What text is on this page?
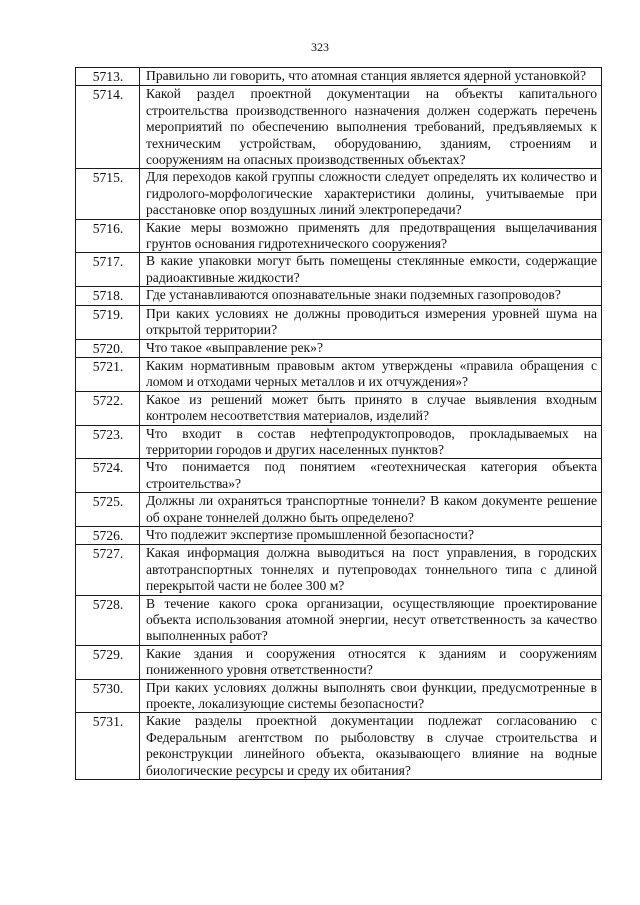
323
5713.	Правильно ли говорить, что атомная станция является ядерной установкой?
5714.	Какой раздел проектной документации на объекты капитального строительства производственного назначения должен содержать перечень мероприятий по обеспечению выполнения требований, предъявляемых к техническим устройствам, оборудованию, зданиям, строениям и сооружениям на опасных производственных объектах?
5715.	Для переходов какой группы сложности следует определять их количество и гидролого-морфологические характеристики долины, учитываемые при расстановке опор воздушных линий электропередачи?
5716.	Какие меры возможно применять для предотвращения выщелачивания грунтов основания гидротехнического сооружения?
5717.	В какие упаковки могут быть помещены стеклянные емкости, содержащие радиоактивные жидкости?
5718.	Где устанавливаются опознавательные знаки подземных газопроводов?
5719.	При каких условиях не должны проводиться измерения уровней шума на открытой территории?
5720.	Что такое «выправление рек»?
5721.	Каким нормативным правовым актом утверждены «правила обращения с ломом и отходами черных металлов и их отчуждения»?
5722.	Какое из решений может быть принято в случае выявления входным контролем несоответствия материалов, изделий?
5723.	Что входит в состав нефтепродуктопроводов, прокладываемых на территории городов и других населенных пунктов?
5724.	Что понимается под понятием «геотехническая категория объекта строительства»?
5725.	Должны ли охраняться транспортные тоннели? В каком документе решение об охране тоннелей должно быть определено?
5726.	Что подлежит экспертизе промышленной безопасности?
5727.	Какая информация должна выводиться на пост управления, в городских автотранспортных тоннелях и путепроводах тоннельного типа с длиной перекрытой части не более 300 м?
5728.	В течение какого срока организации, осуществляющие проектирование объекта использования атомной энергии, несут ответственность за качество выполненных работ?
5729.	Какие здания и сооружения относятся к зданиям и сооружениям пониженного уровня ответственности?
5730.	При каких условиях должны выполнять свои функции, предусмотренные в проекте, локализующие системы безопасности?
5731.	Какие разделы проектной документации подлежат согласованию с Федеральным агентством по рыболовству в случае строительства и реконструкции линейного объекта, оказывающего влияние на водные биологические ресурсы и среду их обитания?
